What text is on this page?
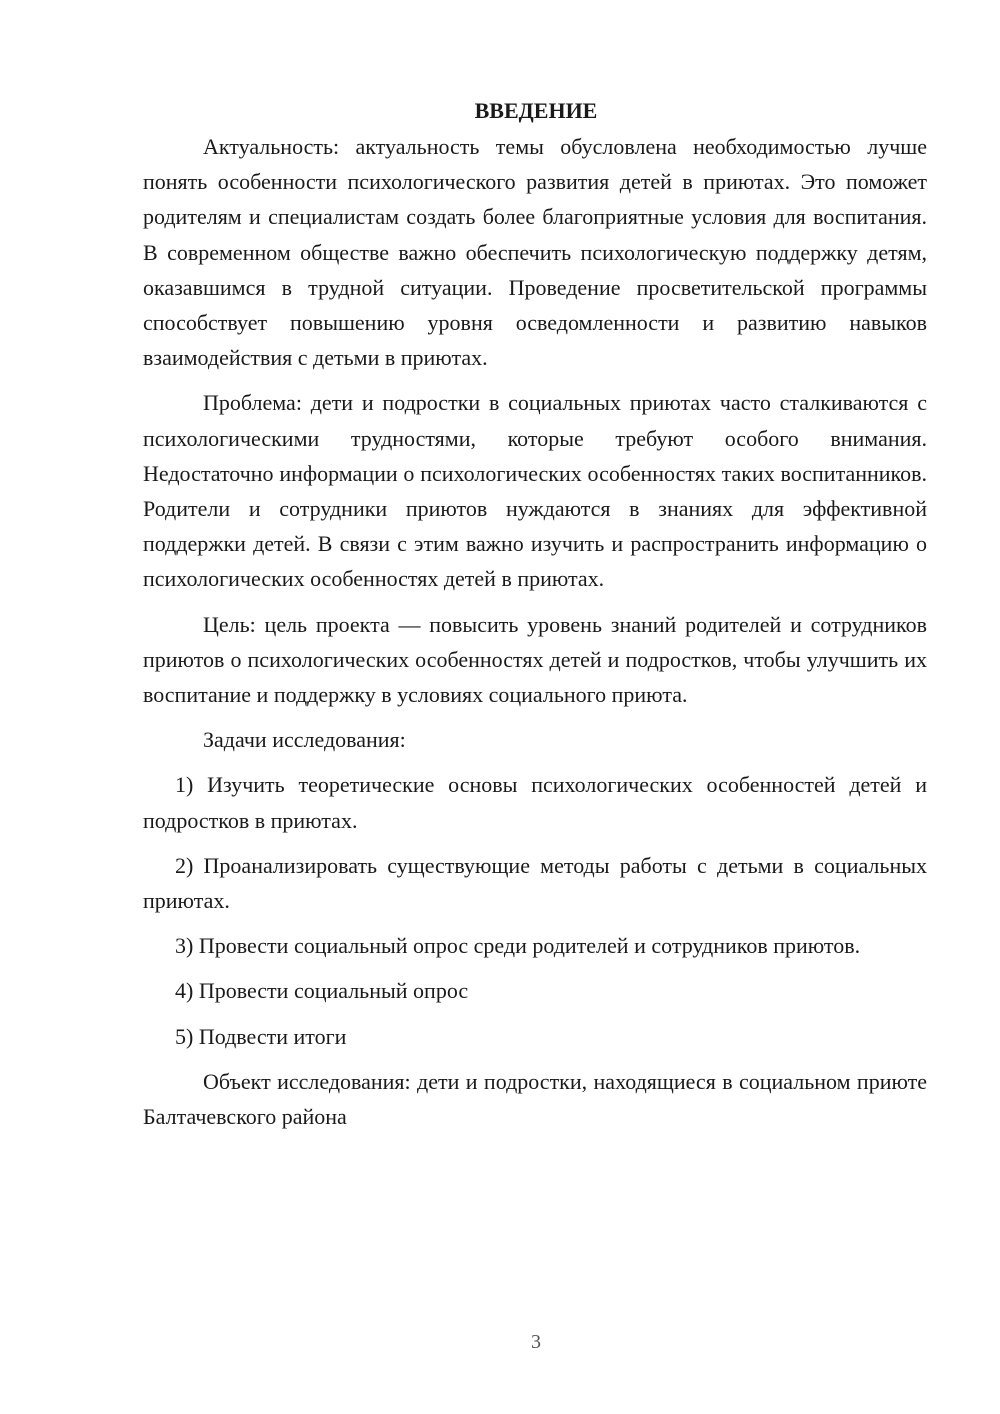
ВВЕДЕНИЕ

Актуальность: актуальность темы обусловлена необходимостью лучше понять особенности психологического развития детей в приютах. Это поможет родителям и специалистам создать более благоприятные условия для воспитания. В современном обществе важно обеспечить психологическую поддержку детям, оказавшимся в трудной ситуации. Проведение просветительской программы способствует повышению уровня осведомленности и развитию навыков взаимодействия с детьми в приютах.

Проблема: дети и подростки в социальных приютах часто сталкиваются с психологическими трудностями, которые требуют особого внимания. Недостаточно информации о психологических особенностях таких воспитанников. Родители и сотрудники приютов нуждаются в знаниях для эффективной поддержки детей. В связи с этим важно изучить и распространить информацию о психологических особенностях детей в приютах.

Цель: цель проекта — повысить уровень знаний родителей и сотрудников приютов о психологических особенностях детей и подростков, чтобы улучшить их воспитание и поддержку в условиях социального приюта.

Задачи исследования:

1) Изучить теоретические основы психологических особенностей детей и подростков в приютах.

2) Проанализировать существующие методы работы с детьми в социальных приютах.

3) Провести социальный опрос среди родителей и сотрудников приютов.

4) Провести социальный опрос

5) Подвести итоги

Объект исследования: дети и подростки, находящиеся в социальном приюте Балтачевского района

3
